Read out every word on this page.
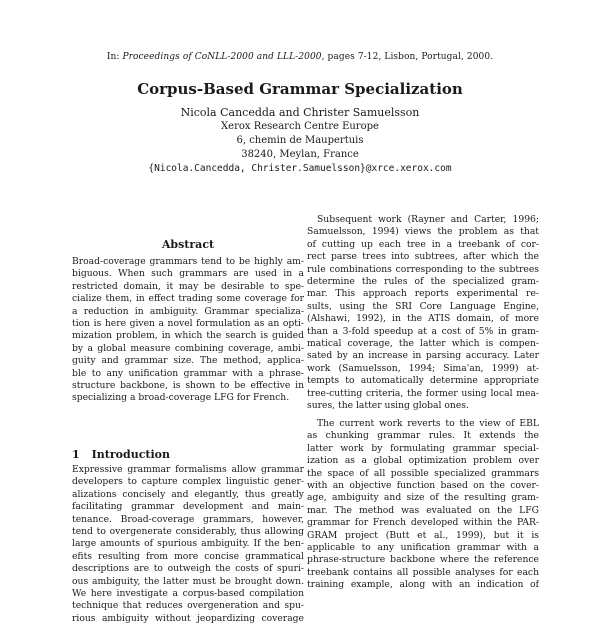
In: Proceedings of CoNLL-2000 and LLL-2000, pages 7-12, Lisbon, Portugal, 2000.
Corpus-Based Grammar Specialization
Nicola Cancedda and Christer Samuelsson
Xerox Research Centre Europe
6, chemin de Maupertuis
38240, Meylan, France
{Nicola.Cancedda, Christer.Samuelsson}@xrce.xerox.com
Abstract
Broad-coverage grammars tend to be highly am-
biguous. When such grammars are used in a
restricted domain, it may be desirable to spe-
cialize them, in effect trading some coverage for
a reduction in ambiguity. Grammar specializa-
tion is here given a novel formulation as an opti-
mization problem, in which the search is guided
by a global measure combining coverage, ambi-
guity and grammar size. The method, applica-
ble to any unification grammar with a phrase-
structure backbone, is shown to be effective in
specializing a broad-coverage LFG for French.
1 Introduction
Expressive grammar formalisms allow grammar
developers to capture complex linguistic gener-
alizations concisely and elegantly, thus greatly
facilitating grammar development and main-
tenance. Broad-coverage grammars, however,
tend to overgenerate considerably, thus allowing
large amounts of spurious ambiguity. If the ben-
efits resulting from more concise grammatical
descriptions are to outweigh the costs of spuri-
ous ambiguity, the latter must be brought down.
We here investigate a corpus-based compilation
technique that reduces overgeneration and spu-
rious ambiguity without jeopardizing coverage
Subsequent work (Rayner and Carter, 1996;
Samuelsson, 1994) views the problem as that
of cutting up each tree in a treebank of cor-
rect parse trees into subtrees, after which the
rule combinations corresponding to the subtrees
determine the rules of the specialized gram-
mar. This approach reports experimental re-
sults, using the SRI Core Language Engine,
(Alshawi, 1992), in the ATIS domain, of more
than a 3-fold speedup at a cost of 5% in gram-
matical coverage, the latter which is compen-
sated by an increase in parsing accuracy. Later
work (Samuelsson, 1994; Sima'an, 1999) at-
tempts to automatically determine appropriate
tree-cutting criteria, the former using local mea-
sures, the latter using global ones.
The current work reverts to the view of EBL
as chunking grammar rules. It extends the
latter work by formulating grammar special-
ization as a global optimization problem over
the space of all possible specialized grammars
with an objective function based on the cover-
age, ambiguity and size of the resulting gram-
mar. The method was evaluated on the LFG
grammar for French developed within the PAR-
GRAM project (Butt et al., 1999), but it is
applicable to any unification grammar with a
phrase-structure backbone where the reference
treebank contains all possible analyses for each
training example, along with an indication of
